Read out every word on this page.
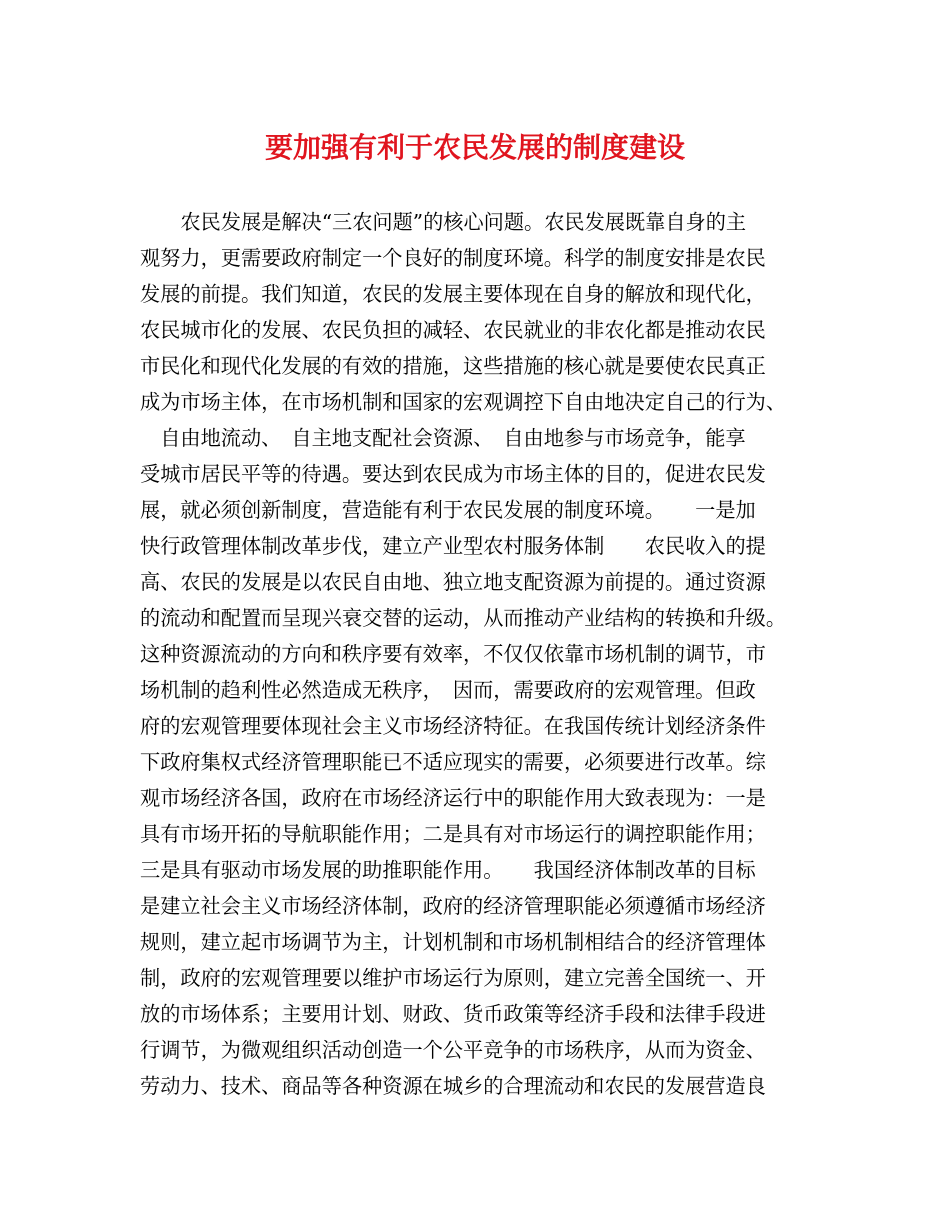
要加强有利于农民发展的制度建设
　　农民发展是解决“三农问题”的核心问题。农民发展既靠自身的主
观努力，更需要政府制定一个良好的制度环境。科学的制度安排是农民
发展的前提。我们知道，农民的发展主要体现在自身的解放和现代化，
农民城市化的发展、农民负担的减轻、农民就业的非农化都是推动农民
市民化和现代化发展的有效的措施，这些措施的核心就是要使农民真正
成为市场主体，在市场机制和国家的宏观调控下自由地决定自己的行为、
　自由地流动、　自主地支配社会资源、　自由地参与市场竞争，能享
受城市居民平等的待遇。要达到农民成为市场主体的目的，促进农民发
展，就必须创新制度，营造能有利于农民发展的制度环境。　　一是加
快行政管理体制改革步伐，建立产业型农村服务体制　　农民收入的提
高、农民的发展是以农民自由地、独立地支配资源为前提的。通过资源
的流动和配置而呈现兴衰交替的运动，从而推动产业结构的转换和升级。
这种资源流动的方向和秩序要有效率，不仅仅依靠市场机制的调节，市
场机制的趋利性必然造成无秩序，　因而，需要政府的宏观管理。但政
府的宏观管理要体现社会主义市场经济特征。在我国传统计划经济条件
下政府集权式经济管理职能已不适应现实的需要，必须要进行改革。综
观市场经济各国，政府在市场经济运行中的职能作用大致表现为：一是
具有市场开拓的导航职能作用；二是具有对市场运行的调控职能作用；
三是具有驱动市场发展的助推职能作用。　　我国经济体制改革的目标
是建立社会主义市场经济体制，政府的经济管理职能必须遵循市场经济
规则，建立起市场调节为主，计划机制和市场机制相结合的经济管理体
制，政府的宏观管理要以维护市场运行为原则，建立完善全国统一、开
放的市场体系；主要用计划、财政、货币政策等经济手段和法律手段进
行调节，为微观组织活动创造一个公平竞争的市场秩序，从而为资金、
劳动力、技术、商品等各种资源在城乡的合理流动和农民的发展营造良
